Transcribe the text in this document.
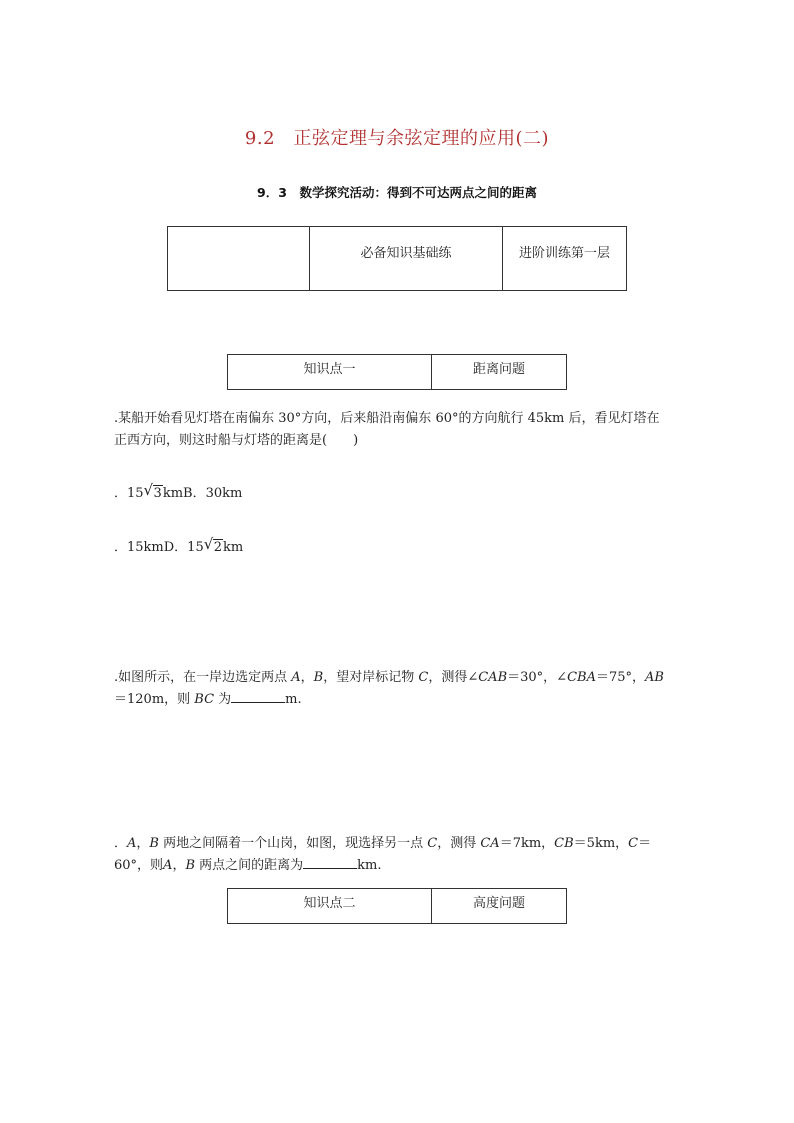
9.2　正弦定理与余弦定理的应用(二)
9．3　数学探究活动：得到不可达两点之间的距离
	必备知识基础练	进阶训练第一层
知识点一	距离问题
.某船开始看见灯塔在南偏东 30°方向，后来船沿南偏东 60°的方向航行 45km 后，看见灯塔在
正西方向，则这时船与灯塔的距离是(　　)
．15 √ 3kmB．30km
．15kmD．15 √ 2km
.如图所示，在一岸边选定两点 A，B，望对岸标记物 C，测得∠CAB＝30°，∠CBA＝75°，AB
＝120m，则 BC 为	m.
．A，B 两地之间隔着一个山岗，如图，现选择另一点 C，测得 CA＝7km，CB＝5km，C＝
60°，则A，B 两点之间的距离为	km.
知识点二	高度问题
